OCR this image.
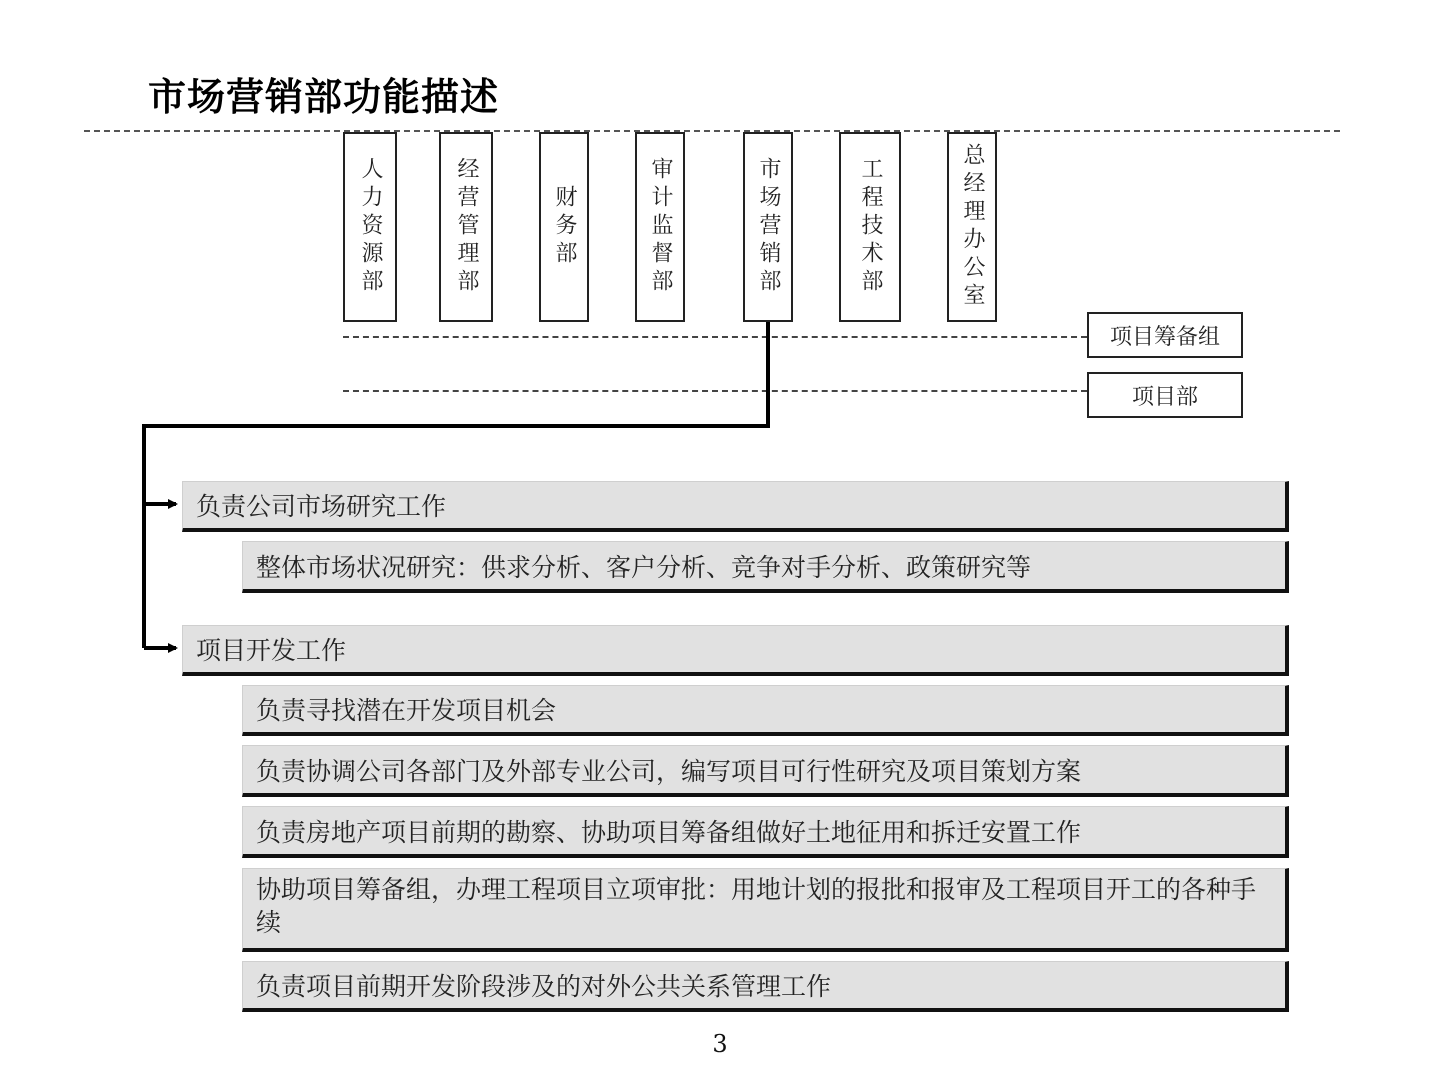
市场营销部功能描述
人力资源部	经营管理部	财务部	审计监督部	市场营销部	工程技术部	总经理办公室
项目筹备组
项目部
负责公司市场研究工作
整体市场状况研究：供求分析、客户分析、竞争对手分析、政策研究等
项目开发工作
负责寻找潜在开发项目机会
负责协调公司各部门及外部专业公司，编写项目可行性研究及项目策划方案
负责房地产项目前期的勘察、协助项目筹备组做好土地征用和拆迁安置工作
协助项目筹备组，办理工程项目立项审批：用地计划的报批和报审及工程项目开工的各种手续
负责项目前期开发阶段涉及的对外公共关系管理工作
3
